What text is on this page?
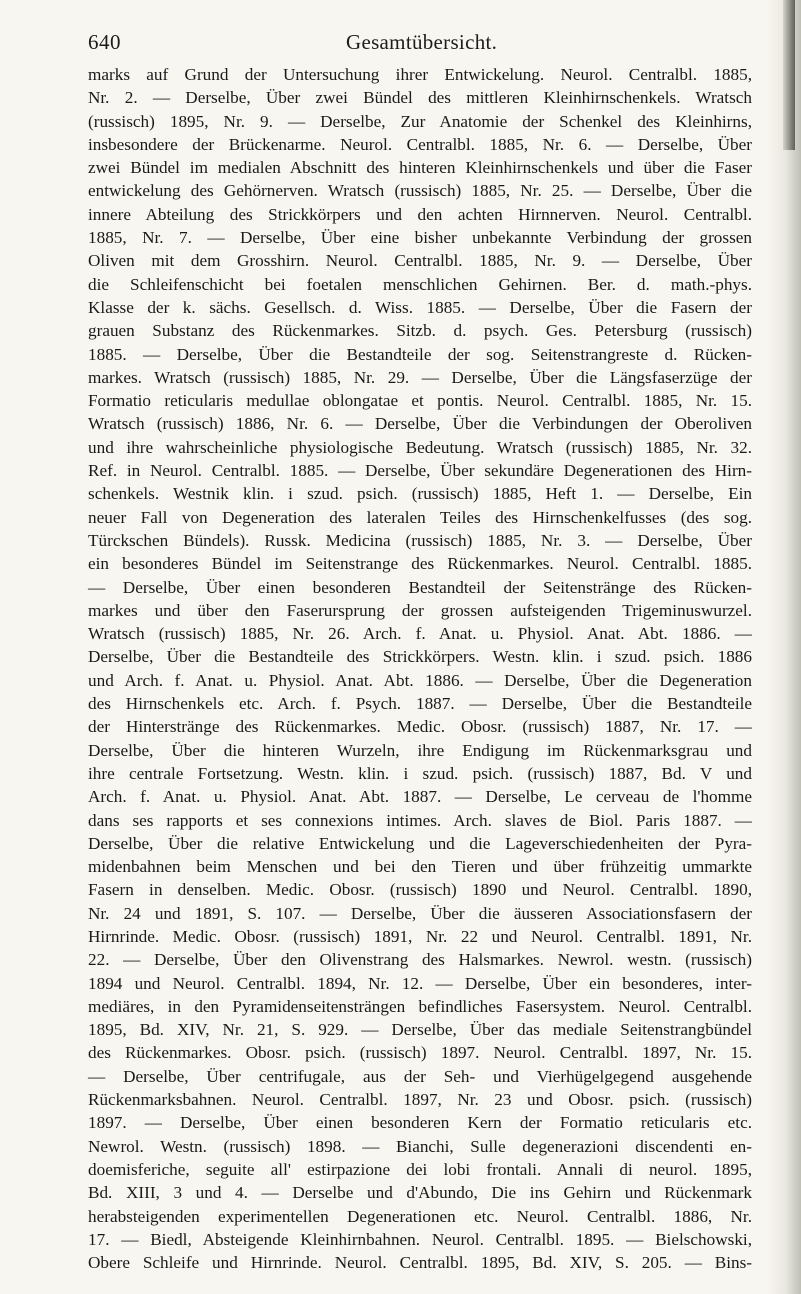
640	Gesamtübersicht.
marks auf Grund der Untersuchung ihrer Entwickelung. Neurol. Centralbl. 1885,
Nr. 2. — Derselbe, Über zwei Bündel des mittleren Kleinhirnschenkels. Wratsch
(russisch) 1895, Nr. 9. — Derselbe, Zur Anatomie der Schenkel des Kleinhirns,
insbesondere der Brückenarme. Neurol. Centralbl. 1885, Nr. 6. — Derselbe, Über
zwei Bündel im medialen Abschnitt des hinteren Kleinhirnschenkels und über die Faser
entwickelung des Gehörnerven. Wratsch (russisch) 1885, Nr. 25. — Derselbe, Über die
innere Abteilung des Strickkörpers und den achten Hirnnerven. Neurol. Centralbl.
1885, Nr. 7. — Derselbe, Über eine bisher unbekannte Verbindung der grossen
Oliven mit dem Grosshirn. Neurol. Centralbl. 1885, Nr. 9. — Derselbe, Über
die Schleifenschicht bei foetalen menschlichen Gehirnen. Ber. d. math.-phys.
Klasse der k. sächs. Gesellsch. d. Wiss. 1885. — Derselbe, Über die Fasern der
grauen Substanz des Rückenmarkes. Sitzb. d. psych. Ges. Petersburg (russisch)
1885. — Derselbe, Über die Bestandteile der sog. Seitenstrangreste d. Rücken-
markes. Wratsch (russisch) 1885, Nr. 29. — Derselbe, Über die Längsfaserzüge der
Formatio reticularis medullae oblongatae et pontis. Neurol. Centralbl. 1885, Nr. 15.
Wratsch (russisch) 1886, Nr. 6. — Derselbe, Über die Verbindungen der Oberoliven
und ihre wahrscheinliche physiologische Bedeutung. Wratsch (russisch) 1885, Nr. 32.
Ref. in Neurol. Centralbl. 1885. — Derselbe, Über sekundäre Degenerationen des Hirn-
schenkels. Westnik klin. i szud. psich. (russisch) 1885, Heft 1. — Derselbe, Ein
neuer Fall von Degeneration des lateralen Teiles des Hirnschenkelfusses (des sog.
Türckschen Bündels). Russk. Medicina (russisch) 1885, Nr. 3. — Derselbe, Über
ein besonderes Bündel im Seitenstrange des Rückenmarkes. Neurol. Centralbl. 1885.
— Derselbe, Über einen besonderen Bestandteil der Seitenstränge des Rücken-
markes und über den Faserursprung der grossen aufsteigenden Trigeminuswurzel.
Wratsch (russisch) 1885, Nr. 26. Arch. f. Anat. u. Physiol. Anat. Abt. 1886. —
Derselbe, Über die Bestandteile des Strickkörpers. Westn. klin. i szud. psich. 1886
und Arch. f. Anat. u. Physiol. Anat. Abt. 1886. — Derselbe, Über die Degeneration
des Hirnschenkels etc. Arch. f. Psych. 1887. — Derselbe, Über die Bestandteile
der Hinterstränge des Rückenmarkes. Medic. Obosr. (russisch) 1887, Nr. 17. —
Derselbe, Über die hinteren Wurzeln, ihre Endigung im Rückenmarksgrau und
ihre centrale Fortsetzung. Westn. klin. i szud. psich. (russisch) 1887, Bd. V und
Arch. f. Anat. u. Physiol. Anat. Abt. 1887. — Derselbe, Le cerveau de l'homme
dans ses rapports et ses connexions intimes. Arch. slaves de Biol. Paris 1887. —
Derselbe, Über die relative Entwickelung und die Lageverschiedenheiten der Pyra-
midenbahnen beim Menschen und bei den Tieren und über frühzeitig ummarkte
Fasern in denselben. Medic. Obosr. (russisch) 1890 und Neurol. Centralbl. 1890,
Nr. 24 und 1891, S. 107. — Derselbe, Über die äusseren Associationsfasern der
Hirnrinde. Medic. Obosr. (russisch) 1891, Nr. 22 und Neurol. Centralbl. 1891, Nr.
22. — Derselbe, Über den Olivenstrang des Halsmarkes. Newrol. westn. (russisch)
1894 und Neurol. Centralbl. 1894, Nr. 12. — Derselbe, Über ein besonderes, inter-
mediäres, in den Pyramidenseitensträngen befindliches Fasersystem. Neurol. Centralbl.
1895, Bd. XIV, Nr. 21, S. 929. — Derselbe, Über das mediale Seitenstrangbündel
des Rückenmarkes. Obosr. psich. (russisch) 1897. Neurol. Centralbl. 1897, Nr. 15.
— Derselbe, Über centrifugale, aus der Seh- und Vierhügelgegend ausgehende
Rückenmarksbahnen. Neurol. Centralbl. 1897, Nr. 23 und Obosr. psich. (russisch)
1897. — Derselbe, Über einen besonderen Kern der Formatio reticularis etc.
Newrol. Westn. (russisch) 1898. — Bianchi, Sulle degenerazioni discendenti en-
doemisferiche, seguite all' estirpazione dei lobi frontali. Annali di neurol. 1895,
Bd. XIII, 3 und 4. — Derselbe und d'Abundo, Die ins Gehirn und Rückenmark
herabsteigenden experimentellen Degenerationen etc. Neurol. Centralbl. 1886, Nr.
17. — Biedl, Absteigende Kleinhirnbahnen. Neurol. Centralbl. 1895. — Bielschowski,
Obere Schleife und Hirnrinde. Neurol. Centralbl. 1895, Bd. XIV, S. 205. — Bins-
